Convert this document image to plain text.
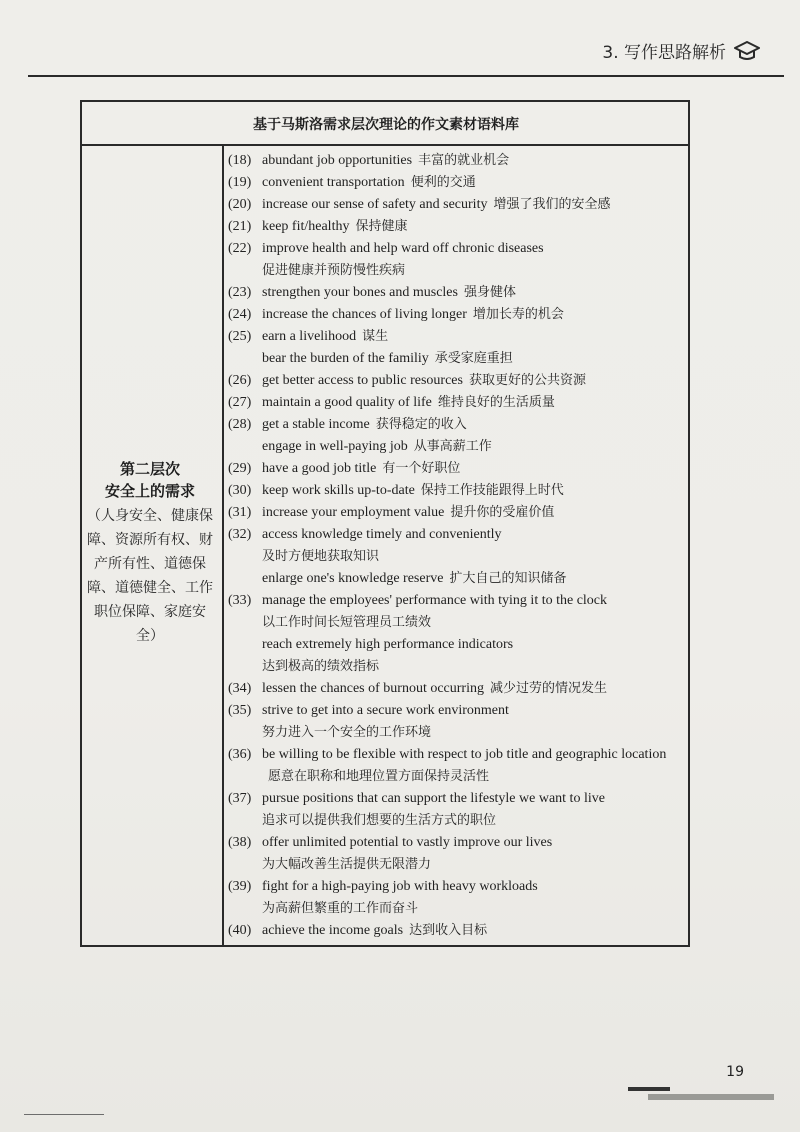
3. 写作思路解析
基于马斯洛需求层次理论的作文素材语料库
第二层次
安全上的需求
（人身安全、健康保障、资源所有权、财产所有性、道德保障、道德健全、工作职位保障、家庭安全）
(18) abundant job opportunities 丰富的就业机会
(19) convenient transportation 便利的交通
(20) increase our sense of safety and security 增强了我们的安全感
(21) keep fit/healthy 保持健康
(22) improve health and help ward off chronic diseases
促进健康并预防慢性疾病
(23) strengthen your bones and muscles 强身健体
(24) increase the chances of living longer 增加长寿的机会
(25) earn a livelihood 谋生
bear the burden of the familiy 承受家庭重担
(26) get better access to public resources 获取更好的公共资源
(27) maintain a good quality of life 维持良好的生活质量
(28) get a stable income 获得稳定的收入
engage in well-paying job 从事高薪工作
(29) have a good job title 有一个好职位
(30) keep work skills up-to-date 保持工作技能跟得上时代
(31) increase your employment value 提升你的受雇价值
(32) access knowledge timely and conveniently
及时方便地获取知识
enlarge one's knowledge reserve 扩大自己的知识储备
(33) manage the employees' performance with tying it to the clock
以工作时间长短管理员工绩效
reach extremely high performance indicators
达到极高的绩效指标
(34) lessen the chances of burnout occurring 减少过劳的情况发生
(35) strive to get into a secure work environment
努力进入一个安全的工作环境
(36) be willing to be flexible with respect to job title and geographic location愿意在职称和地理位置方面保持灵活性
(37) pursue positions that can support the lifestyle we want to live
追求可以提供我们想要的生活方式的职位
(38) offer unlimited potential to vastly improve our lives
为大幅改善生活提供无限潜力
(39) fight for a high-paying job with heavy workloads
为高薪但繁重的工作而奋斗
(40) achieve the income goals 达到收入目标
19
